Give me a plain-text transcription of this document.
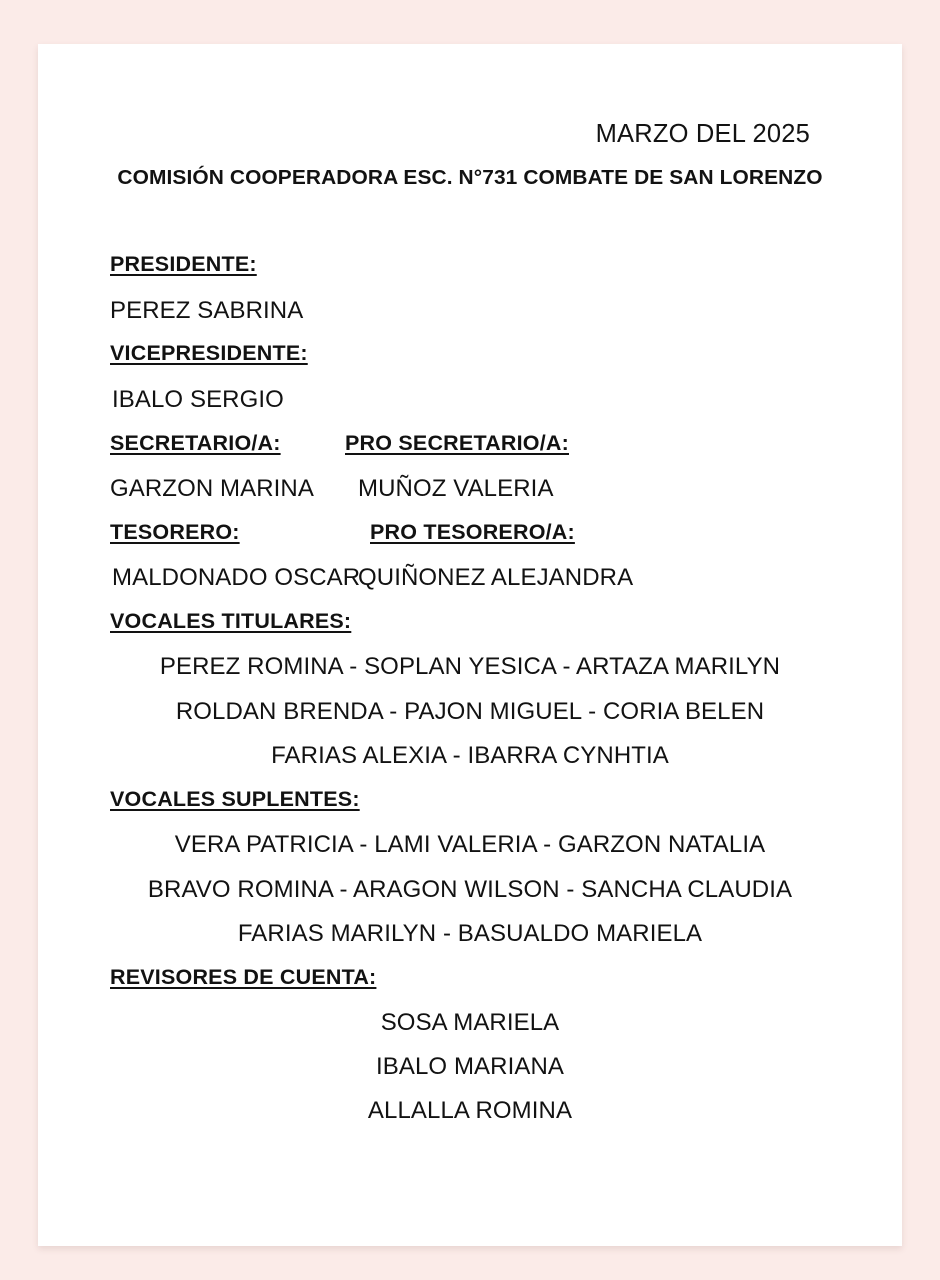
MARZO DEL 2025
COMISIÓN COOPERADORA ESC. N°731 COMBATE DE SAN LORENZO
PRESIDENTE:
PEREZ SABRINA
VICEPRESIDENTE:
IBALO SERGIO
SECRETARIO/A:	PRO SECRETARIO/A:
GARZON MARINA MUÑOZ VALERIA
TESORERO:	PRO TESORERO/A:
MALDONADO OSCAR
QUIÑONEZ ALEJANDRA
VOCALES TITULARES:
PEREZ ROMINA - SOPLAN YESICA - ARTAZA MARILYN
ROLDAN BRENDA - PAJON MIGUEL - CORIA BELEN
FARIAS ALEXIA - IBARRA CYNHTIA
VOCALES SUPLENTES:
VERA PATRICIA - LAMI VALERIA - GARZON NATALIA
BRAVO ROMINA - ARAGON WILSON - SANCHA CLAUDIA
FARIAS MARILYN - BASUALDO MARIELA
REVISORES DE CUENTA:
SOSA MARIELA
IBALO MARIANA
ALLALLA ROMINA
